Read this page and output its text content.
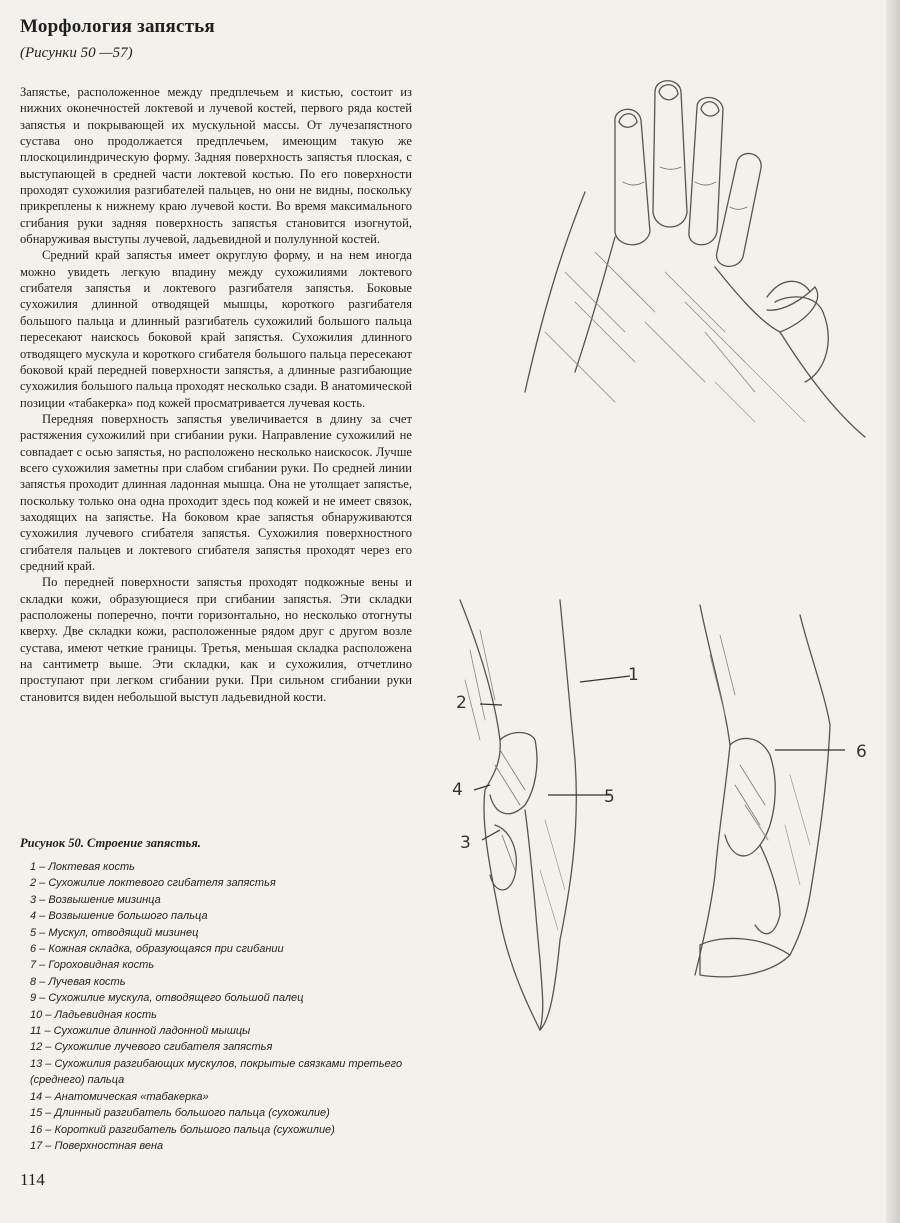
Морфология запястья

(Рисунки 50 —57)

Запястье, расположенное между предплечьем и кистью, состоит из нижних оконечностей локтевой и лучевой костей, первого ряда костей запястья и покрывающей их мускульной массы. От лучезапястного сустава оно продолжается предплечьем, имеющим такую же плоскоцилиндрическую форму. Задняя поверхность запястья плоская, с выступающей в средней части локтевой костью. По его поверхности проходят сухожилия разгибателей пальцев, но они не видны, поскольку прикреплены к нижнему краю лучевой кости. Во время максимального сгибания руки задняя поверхность запястья становится изогнутой, обнаруживая выступы лучевой, ладьевидной и полулунной костей.

Средний край запястья имеет округлую форму, и на нем иногда можно увидеть легкую впадину между сухожилиями локтевого сгибателя запястья и локтевого разгибателя запястья. Боковые сухожилия длинной отводящей мышцы, короткого разгибателя большого пальца и длинный разгибатель сухожилий большого пальца пересекают наискось боковой край запястья. Сухожилия длинного отводящего мускула и короткого сгибателя большого пальца пересекают боковой край передней поверхности запястья, а длинные разгибающие сухожилия большого пальца проходят несколько сзади. В анатомической позиции «табакерка» под кожей просматривается лучевая кость.

Передняя поверхность запястья увеличивается в длину за счет растяжения сухожилий при сгибании руки. Направление сухожилий не совпадает с осью запястья, но расположено несколько наискосок. Лучше всего сухожилия заметны при слабом сгибании руки. По средней линии запястья проходит длинная ладонная мышца. Она не утолщает запястье, поскольку только она одна проходит здесь под кожей и не имеет связок, заходящих на запястье. На боковом крае запястья обнаруживаются сухожилия лучевого сгибателя запястья. Сухожилия поверхностного сгибателя пальцев и локтевого сгибателя запястья проходят через его средний край.

По передней поверхности запястья проходят подкожные вены и складки кожи, образующиеся при сгибании запястья. Эти складки расположены поперечно, почти горизонтально, но несколько отогнуты кверху. Две складки кожи, расположенные рядом друг с другом возле сустава, имеют четкие границы. Третья, меньшая складка расположена на сантиметр выше. Эти складки, как и сухожилия, отчетлино проступают при легком сгибании руки. При сильном сгибании руки становится виден небольшой выступ ладьевидной кости.

1
2
3
4	5
6

Рисунок 50. Строение запястья.

1 – Локтевая кость
2 – Сухожилие локтевого сгибателя запястья
3 – Возвышение мизинца
4 – Возвышение большого пальца
5 – Мускул, отводящий мизинец
6 – Кожная складка, образующаяся при сгибании
7 – Гороховидная кость
8 – Лучевая кость
9 – Сухожилие мускула, отводящего большой палец
10 – Ладьевидная кость
11 – Сухожилие длинной ладонной мышцы
12 – Сухожилие лучевого сгибателя запястья
13 – Сухожилия разгибающих мускулов, покрытые связками третьего (среднего) пальца
14 – Анатомическая «табакерка»
15 – Длинный разгибатель большого пальца (сухожилие)
16 – Короткий разгибатель большого пальца (сухожилие)
17 – Поверхностная вена

114
